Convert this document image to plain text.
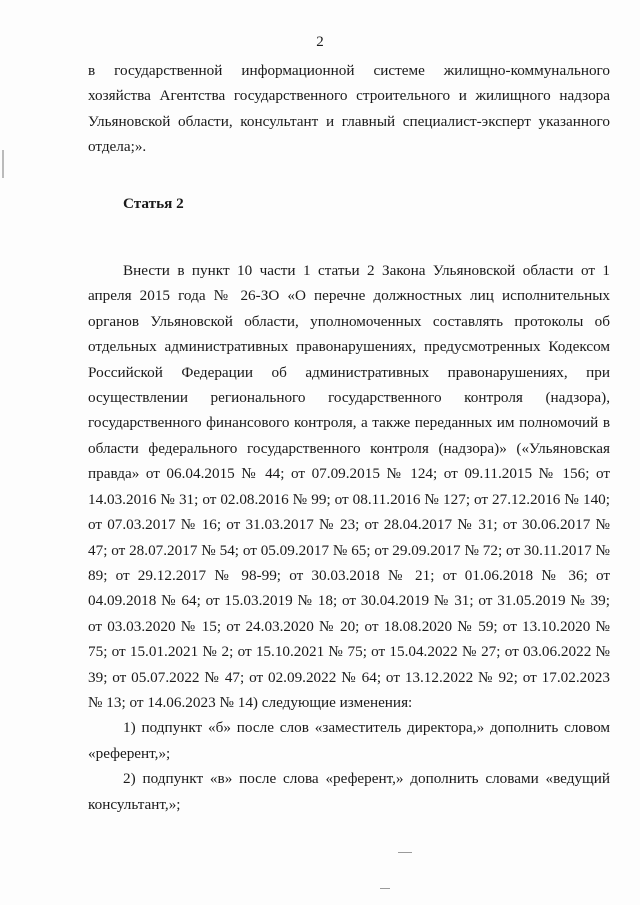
2

в государственной информационной системе жилищно-коммунального хозяйства Агентства государственного строительного и жилищного надзора Ульяновской области, консультант и главный специалист-эксперт указанного отдела;».

Статья 2

Внести в пункт 10 части 1 статьи 2 Закона Ульяновской области от 1 апреля 2015 года № 26-ЗО «О перечне должностных лиц исполнительных органов Ульяновской области, уполномоченных составлять протоколы об отдельных административных правонарушениях, предусмотренных Кодексом Российской Федерации об административных правонарушениях, при осуществлении регионального государственного контроля (надзора), государственного финансового контроля, а также переданных им полномочий в области федерального государственного контроля (надзора)» («Ульяновская правда» от 06.04.2015 № 44; от 07.09.2015 № 124; от 09.11.2015 № 156; от 14.03.2016 № 31; от 02.08.2016 № 99; от 08.11.2016 № 127; от 27.12.2016 № 140; от 07.03.2017 № 16; от 31.03.2017 № 23; от 28.04.2017 № 31; от 30.06.2017 № 47; от 28.07.2017 № 54; от 05.09.2017 № 65; от 29.09.2017 № 72; от 30.11.2017 № 89; от 29.12.2017 № 98-99; от 30.03.2018 № 21; от 01.06.2018 № 36; от 04.09.2018 № 64; от 15.03.2019 № 18; от 30.04.2019 № 31; от 31.05.2019 № 39; от 03.03.2020 № 15; от 24.03.2020 № 20; от 18.08.2020 № 59; от 13.10.2020 № 75; от 15.01.2021 № 2; от 15.10.2021 № 75; от 15.04.2022 № 27; от 03.06.2022 № 39; от 05.07.2022 № 47; от 02.09.2022 № 64; от 13.12.2022 № 92; от 17.02.2023 № 13; от 14.06.2023 № 14) следующие изменения:

1) подпункт «б» после слов «заместитель директора,» дополнить словом «референт,»;

2) подпункт «в» после слова «референт,» дополнить словами «ведущий консультант,»;
